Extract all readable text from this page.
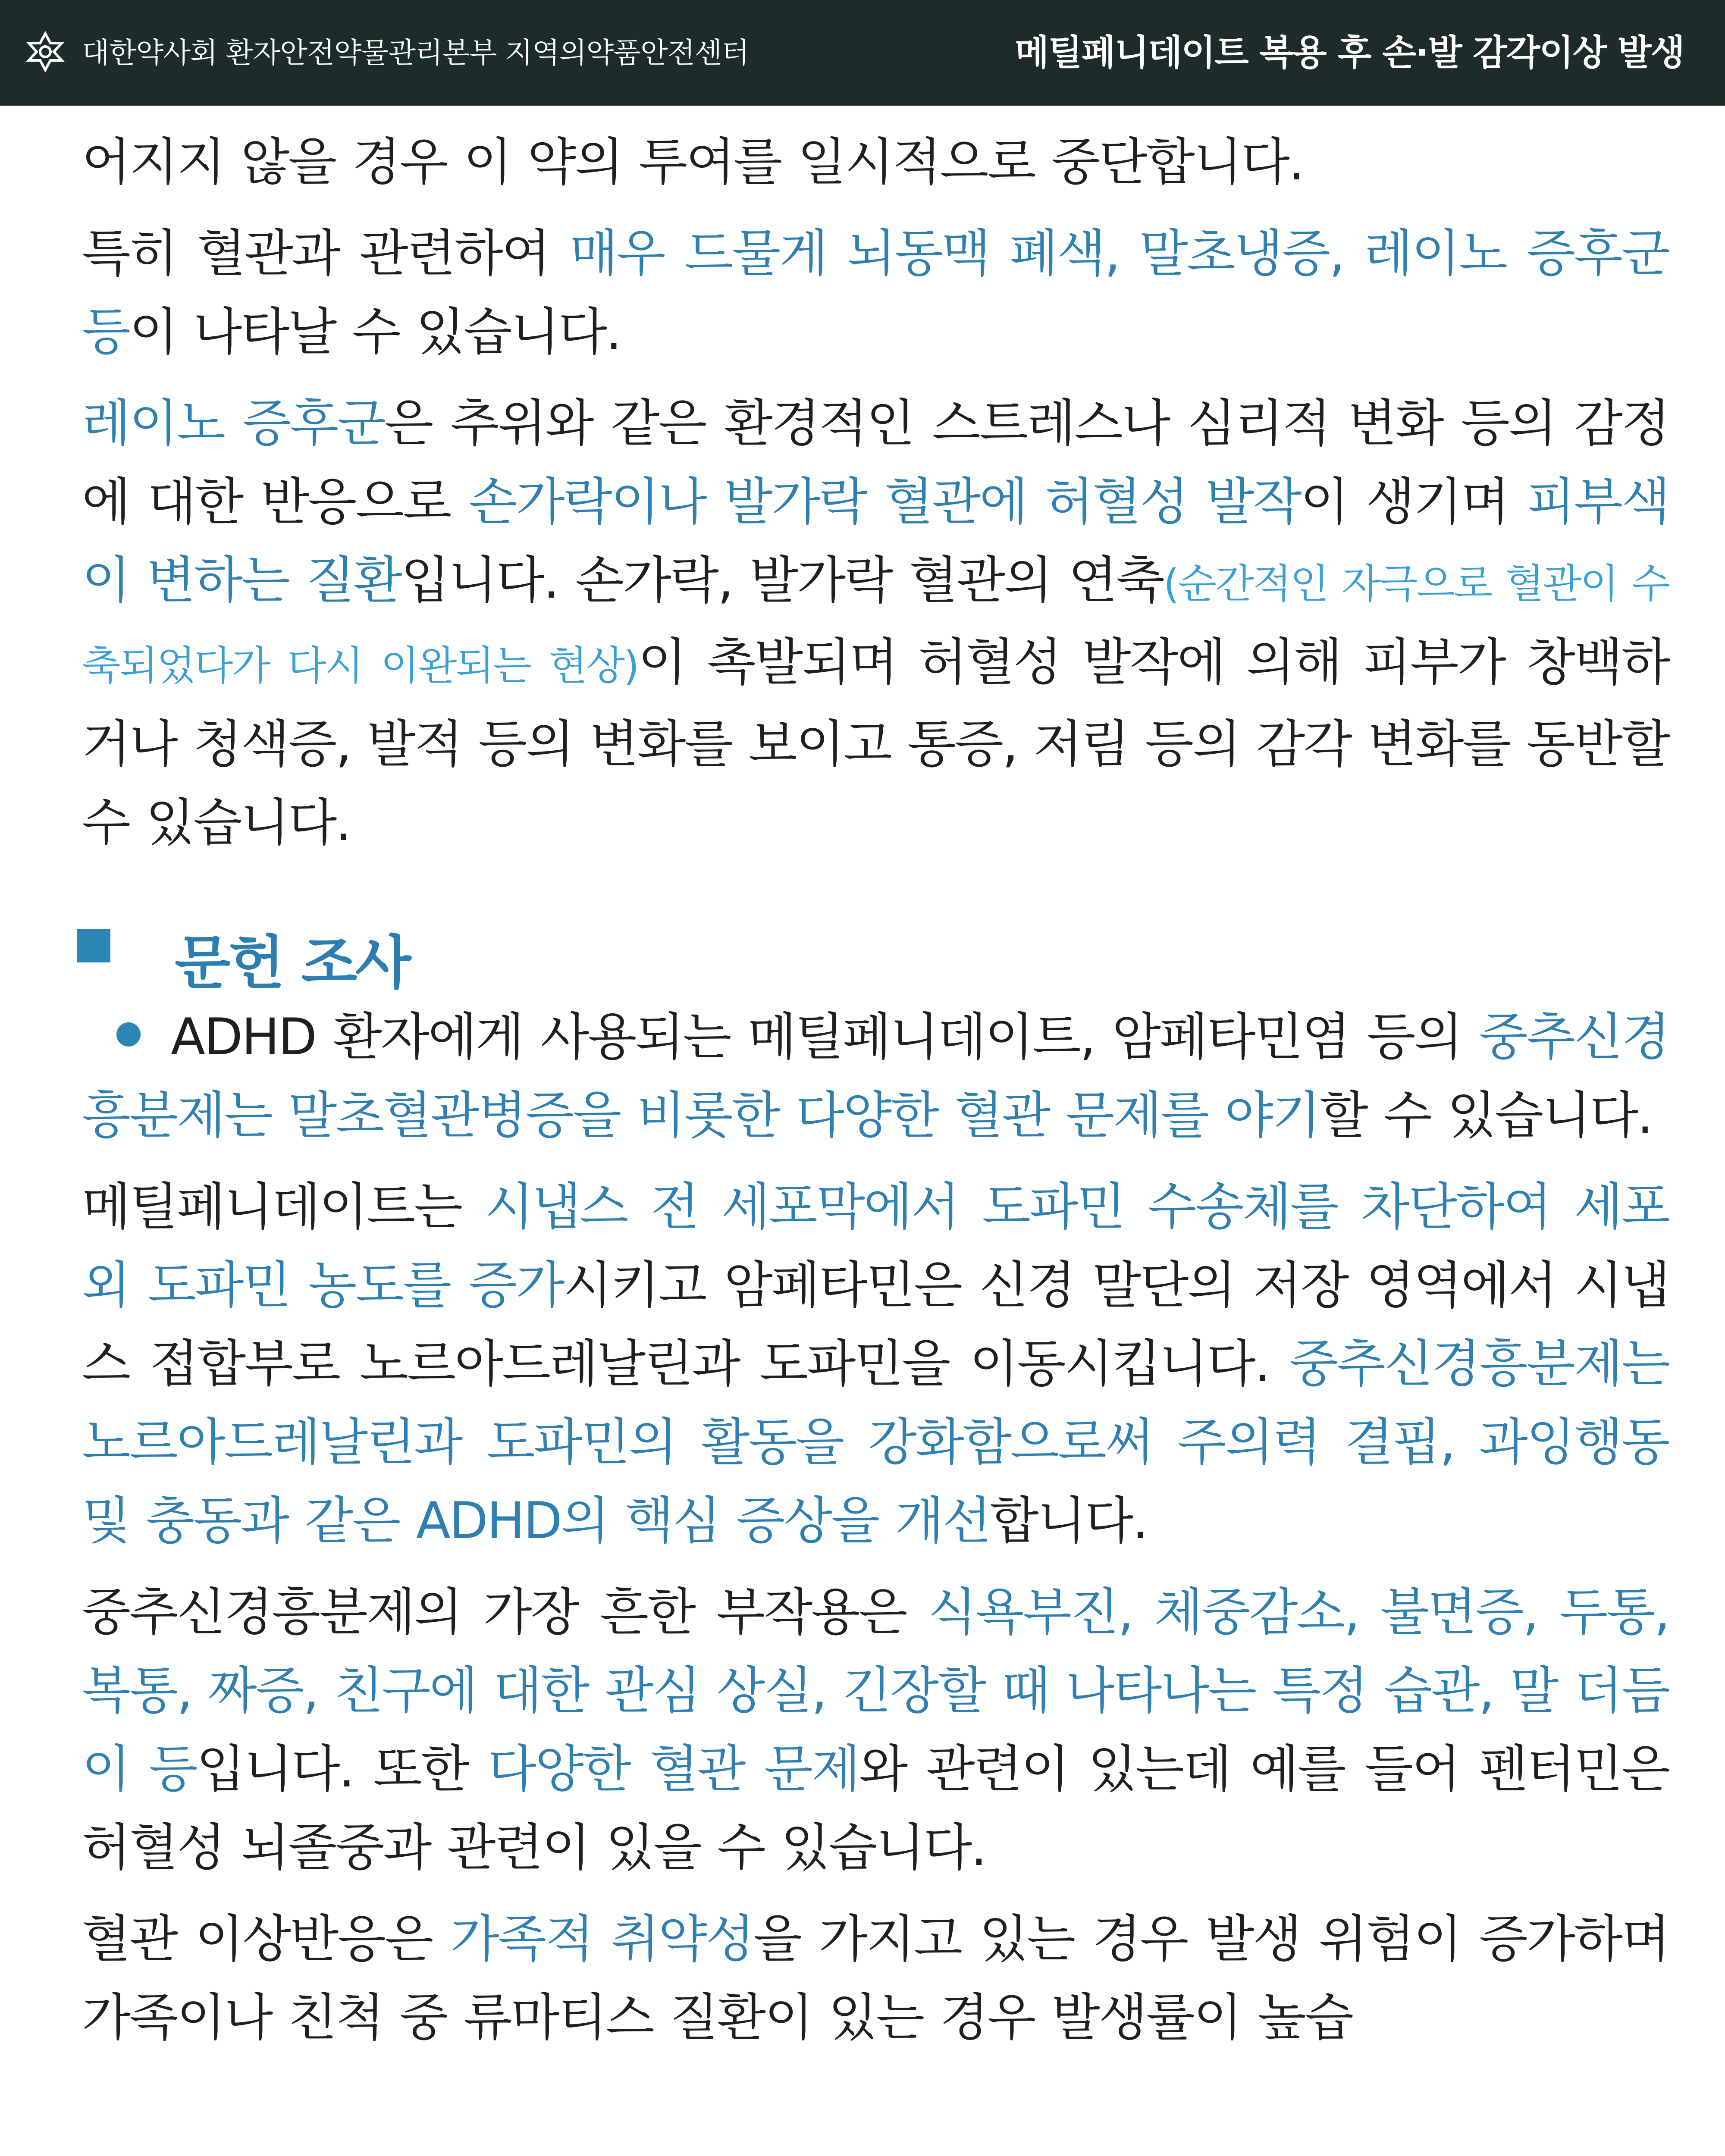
대한약사회 환자안전약물관리본부 지역의약품안전센터	메틸페니데이트 복용 후 손·발 감각이상 발생

어지지 않을 경우 이 약의 투여를 일시적으로 중단합니다.

특히 혈관과 관련하여 매우 드물게 뇌동맥 폐색, 말초냉증, 레이노 증후군 등이 나타날 수 있습니다.

레이노 증후군은 추위와 같은 환경적인 스트레스나 심리적 변화 등의 감정에 대한 반응으로 손가락이나 발가락 혈관에 허혈성 발작이 생기며 피부색이 변하는 질환입니다. 손가락, 발가락 혈관의 연축(순간적인 자극으로 혈관이 수축되었다가 다시 이완되는 현상)이 촉발되며 허혈성 발작에 의해 피부가 창백하거나 청색증, 발적 등의 변화를 보이고 통증, 저림 등의 감각 변화를 동반할 수 있습니다.

문헌 조사

ADHD 환자에게 사용되는 메틸페니데이트, 암페타민염 등의 중추신경흥분제는 말초혈관병증을 비롯한 다양한 혈관 문제를 야기할 수 있습니다.

메틸페니데이트는 시냅스 전 세포막에서 도파민 수송체를 차단하여 세포 외 도파민 농도를 증가시키고 암페타민은 신경 말단의 저장 영역에서 시냅스 접합부로 노르아드레날린과 도파민을 이동시킵니다. 중추신경흥분제는 노르아드레날린과 도파민의 활동을 강화함으로써 주의력 결핍, 과잉행동 및 충동과 같은 ADHD의 핵심 증상을 개선합니다.

중추신경흥분제의 가장 흔한 부작용은 식욕부진, 체중감소, 불면증, 두통, 복통, 짜증, 친구에 대한 관심 상실, 긴장할 때 나타나는 특정 습관, 말 더듬이 등입니다. 또한 다양한 혈관 문제와 관련이 있는데 예를 들어 펜터민은 허혈성 뇌졸중과 관련이 있을 수 있습니다.

혈관 이상반응은 가족적 취약성을 가지고 있는 경우 발생 위험이 증가하며 가족이나 친척 중 류마티스 질환이 있는 경우 발생률이 높습
